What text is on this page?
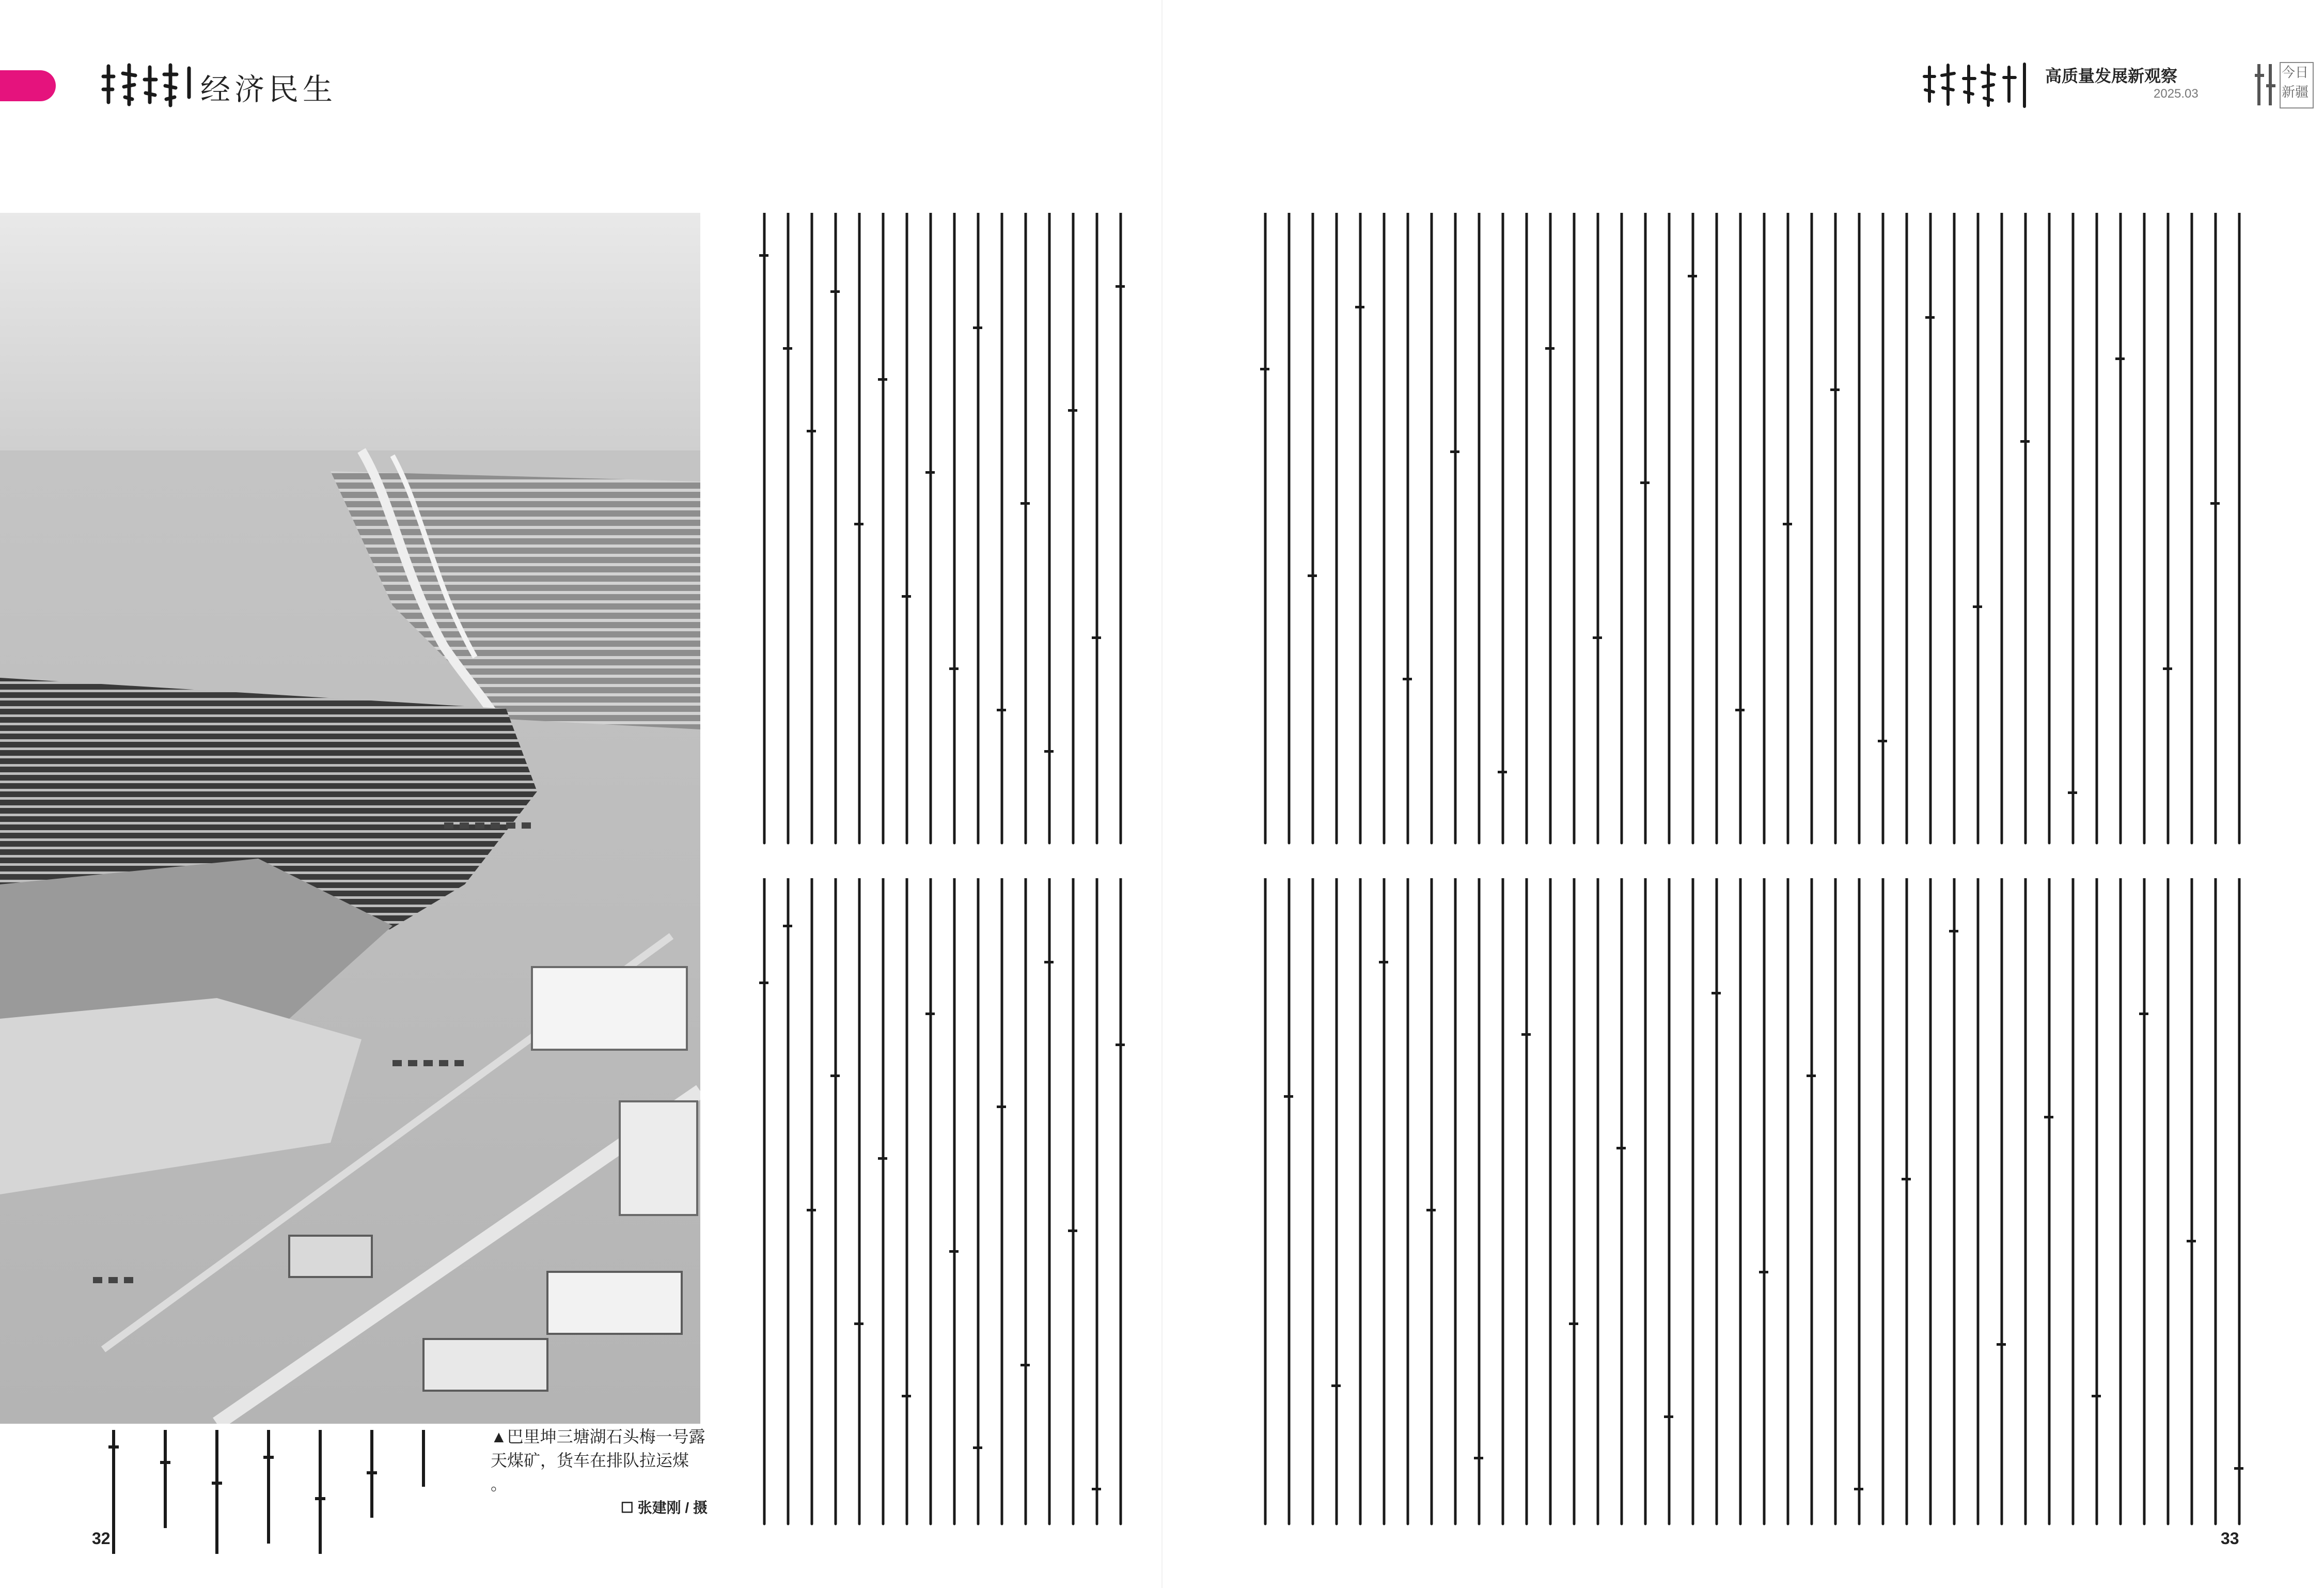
经济民生	高质量发展新观察
2025.03
今日
新疆
▲巴里坤三塘湖石头梅一号露天煤矿，货车在排队拉运煤 。
☐ 张建刚 / 摄
32	33
